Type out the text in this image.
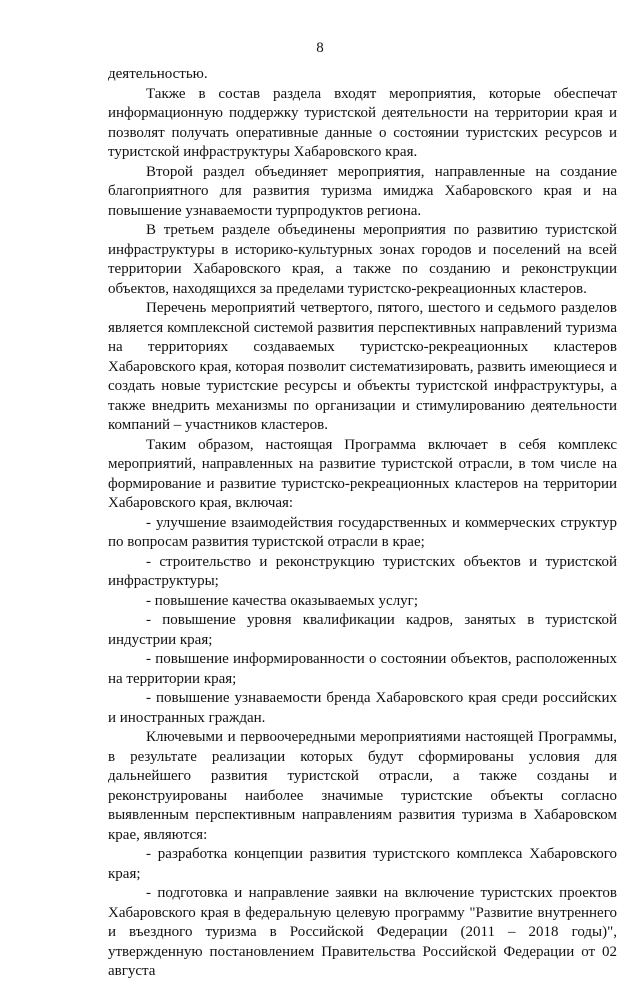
8

деятельностью.

Также в состав раздела входят мероприятия, которые обеспечат информационную поддержку туристской деятельности на территории края и позволят получать оперативные данные о состоянии туристских ресурсов и туристской инфраструктуры Хабаровского края.

Второй раздел объединяет мероприятия, направленные на создание благоприятного для развития туризма имиджа Хабаровского края и на повышение узнаваемости турпродуктов региона.

В третьем разделе объединены мероприятия по развитию туристской инфраструктуры в историко-культурных зонах городов и поселений на всей территории Хабаровского края, а также по созданию и реконструкции объектов, находящихся за пределами туристско-рекреационных кластеров.

Перечень мероприятий четвертого, пятого, шестого и седьмого разделов является комплексной системой развития перспективных направлений туризма на территориях создаваемых туристско-рекреационных кластеров Хабаровского края, которая позволит систематизировать, развить имеющиеся и создать новые туристские ресурсы и объекты туристской инфраструктуры, а также внедрить механизмы по организации и стимулированию деятельности компаний – участников кластеров.

Таким образом, настоящая Программа включает в себя комплекс мероприятий, направленных на развитие туристской отрасли, в том числе на формирование и развитие туристско-рекреационных кластеров на территории Хабаровского края, включая:

- улучшение взаимодействия государственных и коммерческих структур по вопросам развития туристской отрасли в крае;

- строительство и реконструкцию туристских объектов и туристской инфраструктуры;

- повышение качества оказываемых услуг;

- повышение уровня квалификации кадров, занятых в туристской индустрии края;

- повышение информированности о состоянии объектов, расположенных на территории края;

- повышение узнаваемости бренда Хабаровского края среди российских и иностранных граждан.

Ключевыми и первоочередными мероприятиями настоящей Программы, в результате реализации которых будут сформированы условия для дальнейшего развития туристской отрасли, а также созданы и реконструированы наиболее значимые туристские объекты согласно выявленным перспективным направлениям развития туризма в Хабаровском крае, являются:

- разработка концепции развития туристского комплекса Хабаровского края;

- подготовка и направление заявки на включение туристских проектов Хабаровского края в федеральную целевую программу "Развитие внутреннего и въездного туризма в Российской Федерации (2011 – 2018 годы)", утвержденную постановлением Правительства Российской Федерации от 02 августа
